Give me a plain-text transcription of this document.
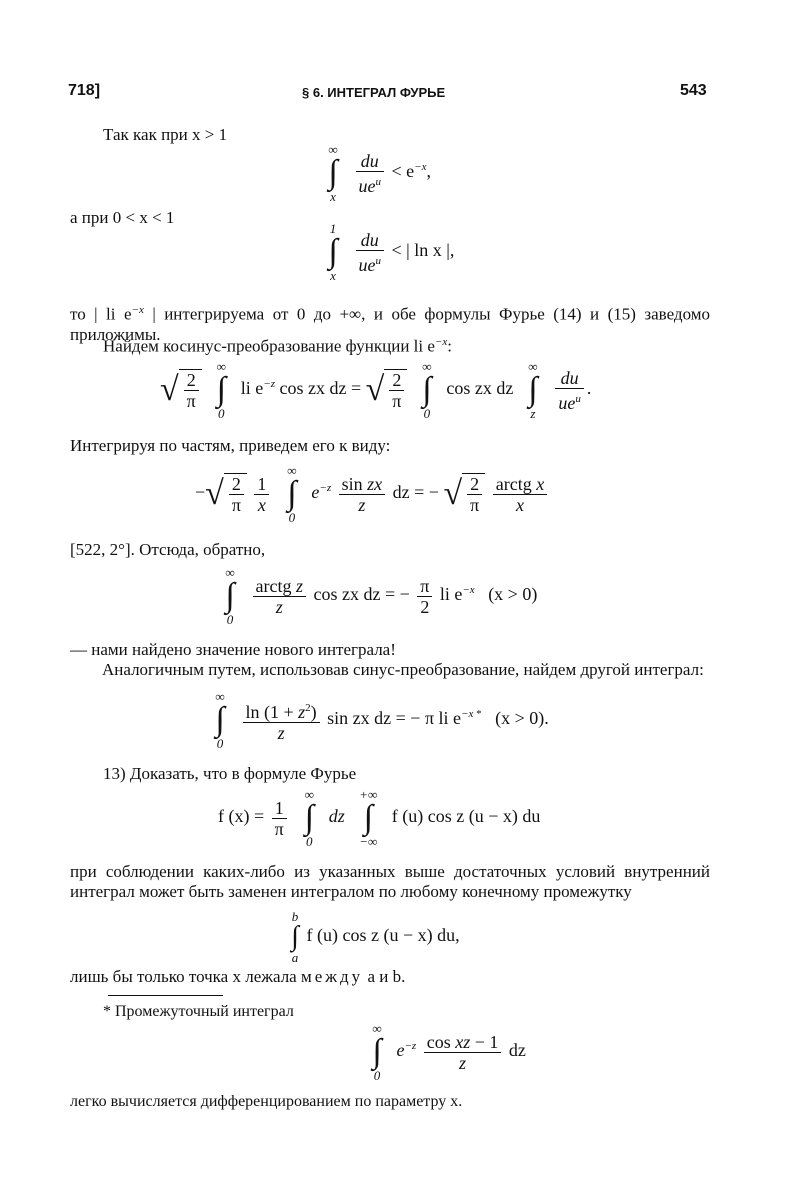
718]	§ 6. ИНТЕГРАЛ ФУРЬЕ	543
Так как при x > 1
∞
∫
x

$\frac{du}{ue^u} < e^{-x}$,
а при 0 < x < 1
1
∫
x

$\frac{du}{ue^u}$ < | ln x |,
то | li $e^{-x}$ | интегрируема от 0 до +∞, и обе формулы Фурье (14) и (15) заведомо приложимы.
Найдем косинус-преобразование функции li $e^{-x}$:
√ $\frac{2}{\pi}$

∞
∫
0
li $e^{-z}$ cos zx dz = √ $\frac{2}{\pi}$

∞
∫
0
cos zx dz
∞
∫
z

$\frac{du}{ue^u}$ .
Интегрируя по частям, приведем его к виду:
−√ $\frac{2}{\pi}$
$\frac{1}{x}$

∞
∫
0
$e^{-z} \frac{\text{sin zx}}{z}$ dz = − √ $\frac{2}{\pi}$
$\frac{\text{arctg x}}{x}$
[522, 2°]. Отсюда, обратно,
∞
∫
0

$\frac{\text{arctg z}}{z}$ cos zx dz = − $\frac{\pi}{2}$ li $e^{-x}$ (x > 0)
— нами найдено значение нового интеграла!
Аналогичным путем, использовав синус-преобразование, найдем другой интеграл:
∞
∫
0

$\frac{\ln (1 + z^2)}{z}$ sin zx dz = − π li $e^{-x *}$ (x > 0).
13) Доказать, что в формуле Фурье
f $(x) = \frac{1}{\pi}$

∞
∫
0
dz
+∞
∫
−∞
f (u) cos z (u − x) du
при соблюдении каких-либо из указанных выше достаточных условий внутренний интеграл может быть заменен интегралом по любому конечному промежутку
b
∫
a
f (u) cos z (u − x) du,
лишь бы только точка x лежала между a и b.
* Промежуточный интеграл
∞
∫
0
$e^{-z} \frac{\text{cos xz − 1}}{z}$ dz
легко вычисляется дифференцированием по параметру x.
